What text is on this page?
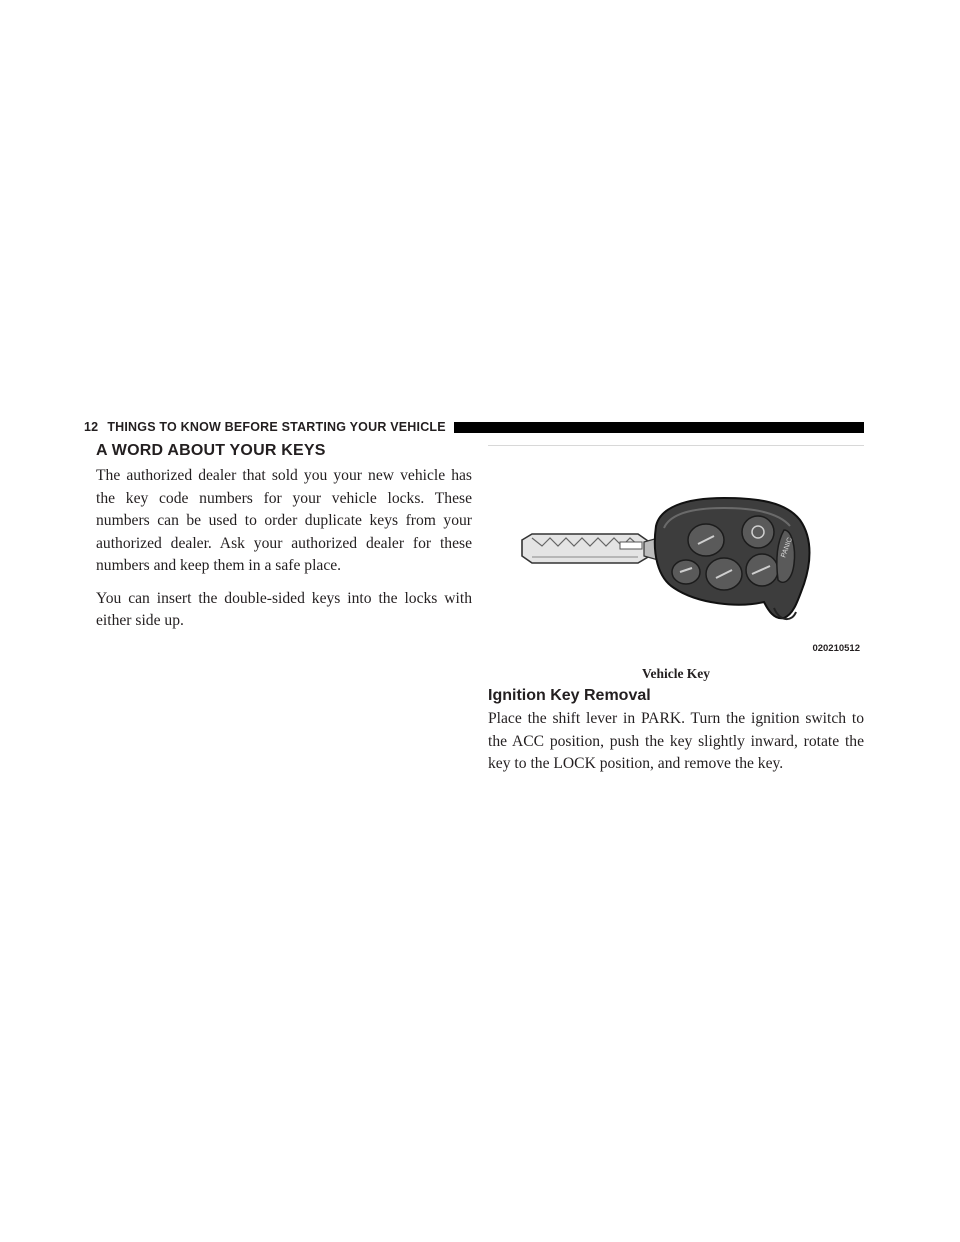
12 THINGS TO KNOW BEFORE STARTING YOUR VEHICLE
A WORD ABOUT YOUR KEYS

The authorized dealer that sold you your new vehicle has the key code numbers for your vehicle locks. These numbers can be used to order duplicate keys from your authorized dealer. Ask your authorized dealer for these numbers and keep them in a safe place.

You can insert the double-sided keys into the locks with either side up.

PANIC
020210512
Vehicle Key
Ignition Key Removal

Place the shift lever in PARK. Turn the ignition switch to the ACC position, push the key slightly inward, rotate the key to the LOCK position, and remove the key.
